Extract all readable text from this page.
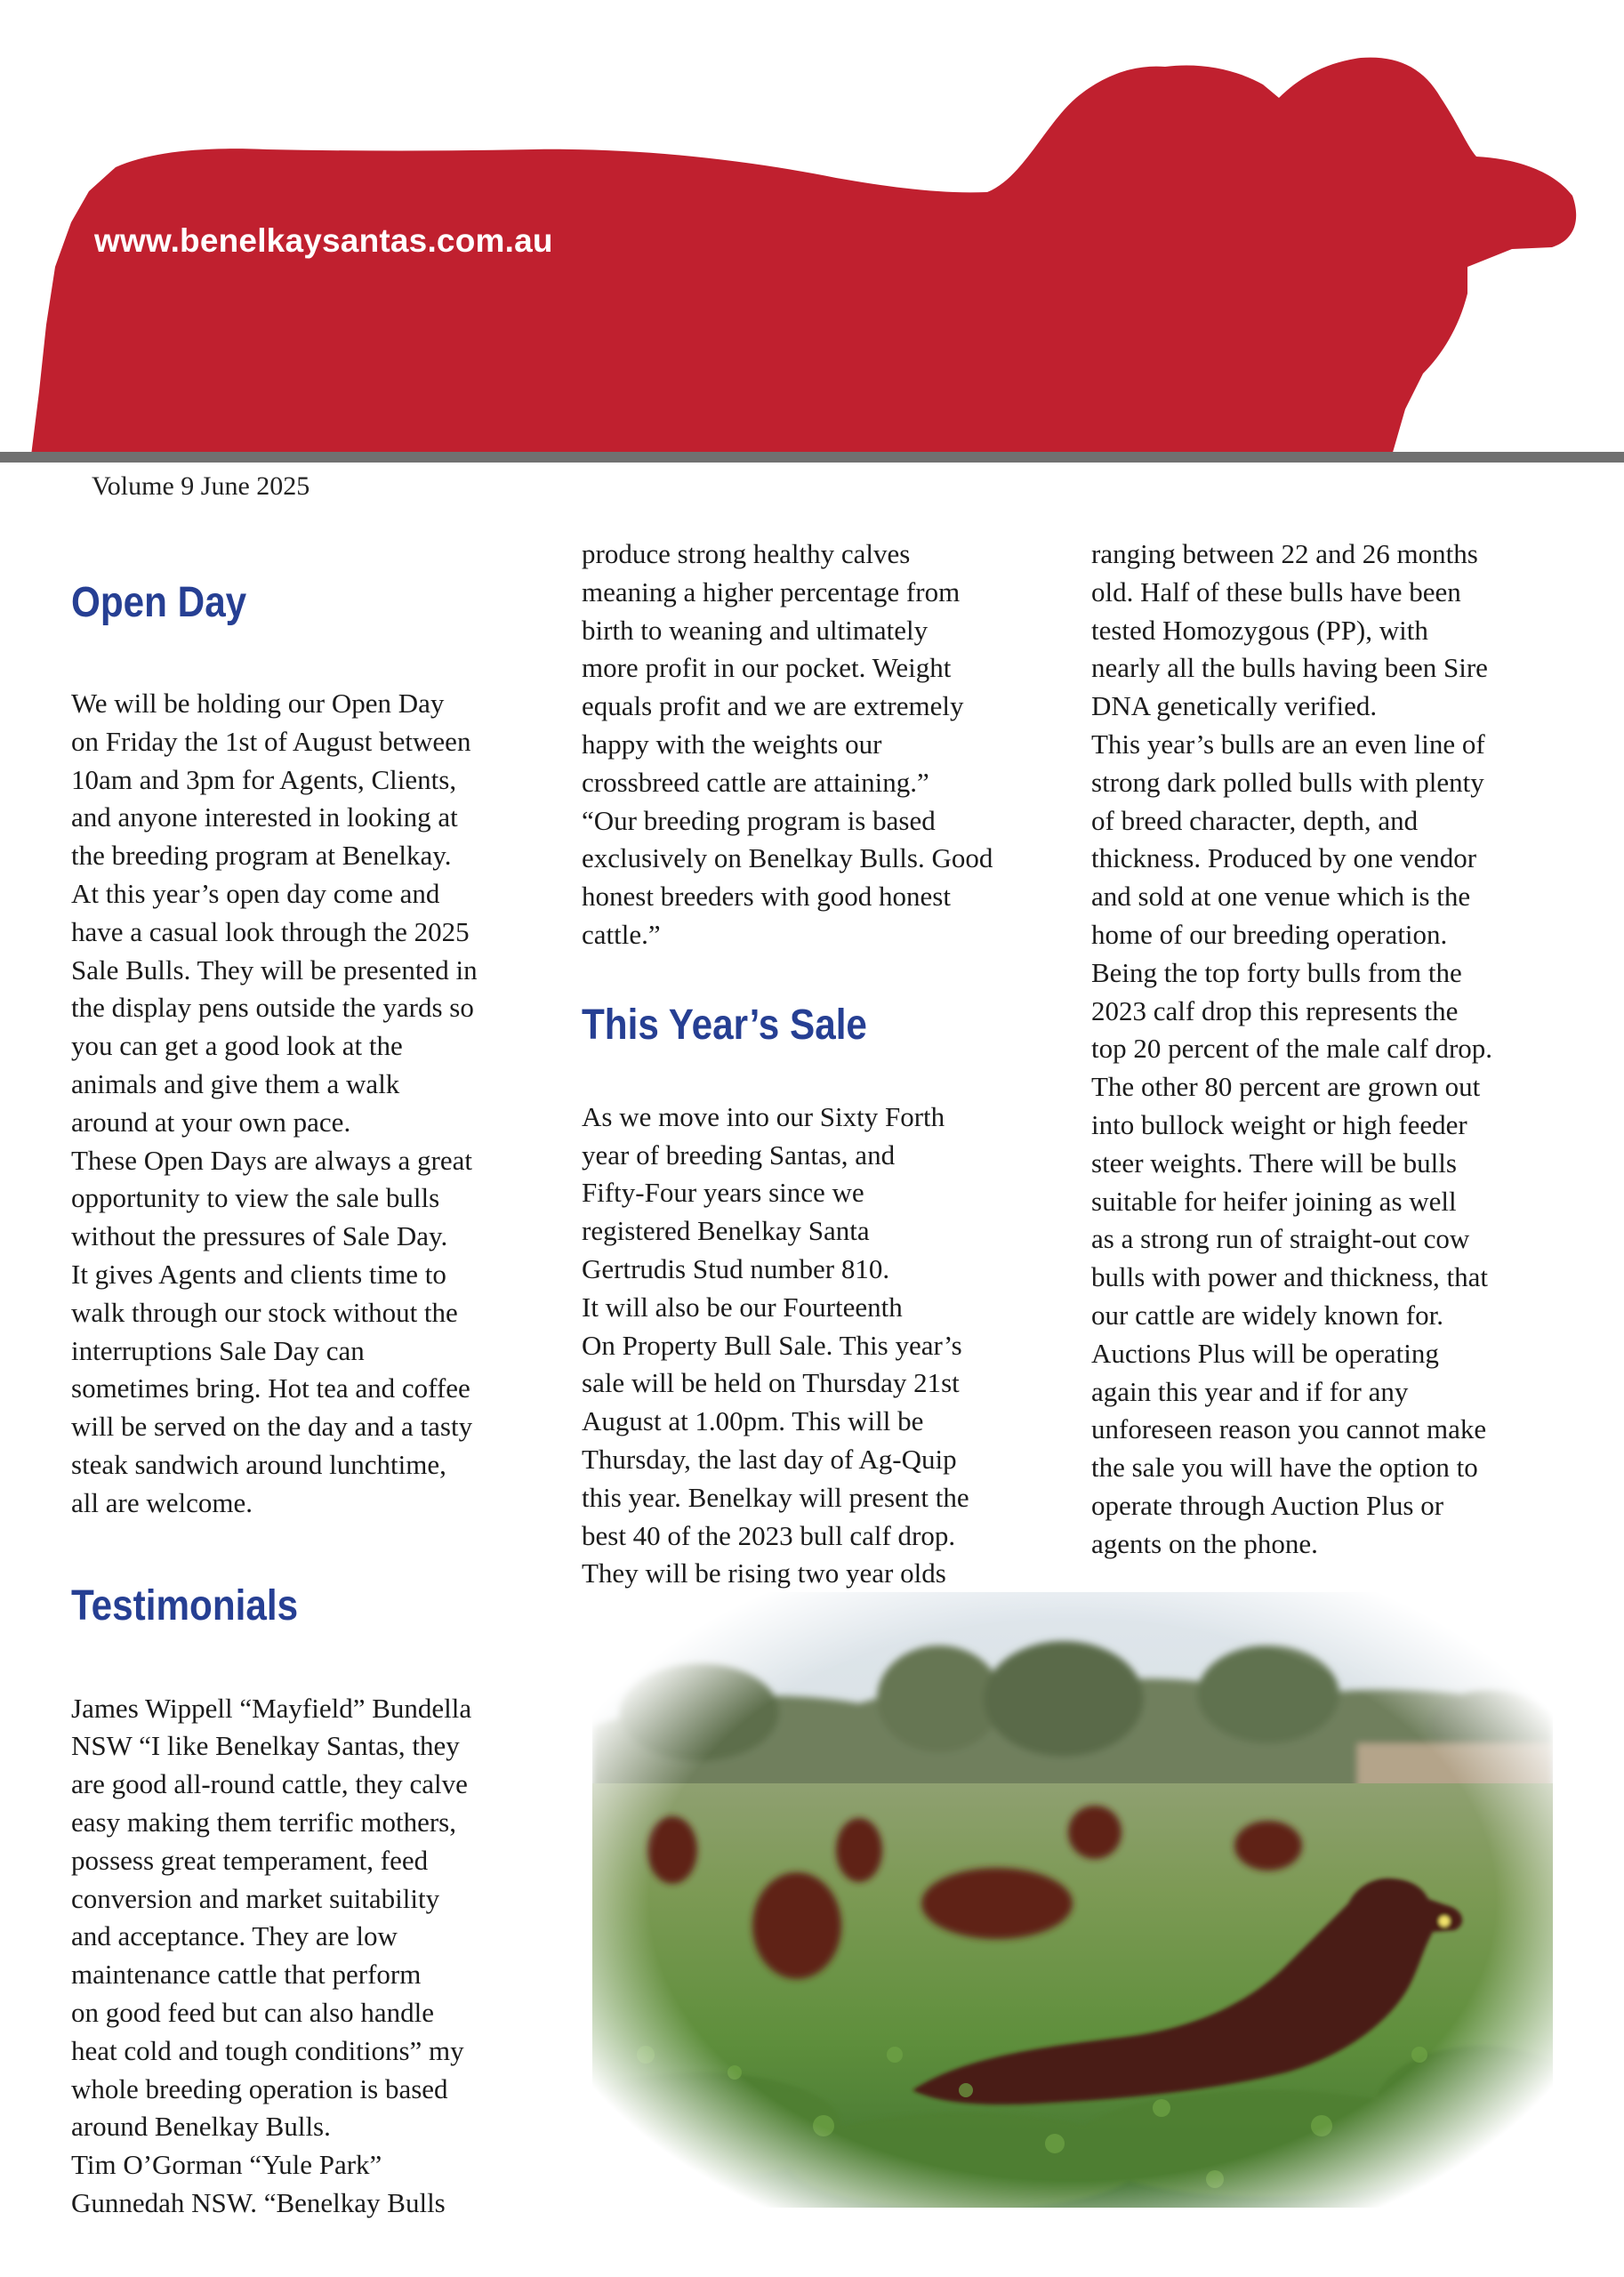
www.benelkaysantas.com.au
Volume 9 June 2025
Open Day

We will be holding our Open Day
on Friday the 1st of August between
10am and 3pm for Agents, Clients,
and anyone interested in looking at
the breeding program at Benelkay.
At this year’s open day come and
have a casual look through the 2025
Sale Bulls. They will be presented in
the display pens outside the yards so
you can get a good look at the
animals and give them a walk
around at your own pace.
These Open Days are always a great
opportunity to view the sale bulls
without the pressures of Sale Day.
It gives Agents and clients time to
walk through our stock without the
interruptions Sale Day can
sometimes bring. Hot tea and coffee
will be served on the day and a tasty
steak sandwich around lunchtime,
all are welcome.

Testimonials

James Wippell “Mayfield” Bundella
NSW “I like Benelkay Santas, they
are good all-round cattle, they calve
easy making them terrific mothers,
possess great temperament, feed
conversion and market suitability
and acceptance. They are low
maintenance cattle that perform
on good feed but can also handle
heat cold and tough conditions” my
whole breeding operation is based
around Benelkay Bulls.
Tim O’Gorman “Yule Park”
Gunnedah NSW. “Benelkay Bulls

produce strong healthy calves
meaning a higher percentage from
birth to weaning and ultimately
more profit in our pocket. Weight
equals profit and we are extremely
happy with the weights our
crossbreed cattle are attaining.”
“Our breeding program is based
exclusively on Benelkay Bulls. Good
honest breeders with good honest
cattle.”

This Year’s Sale

As we move into our Sixty Forth
year of breeding Santas, and
Fifty-Four years since we
registered Benelkay Santa
Gertrudis Stud number 810.
It will also be our Fourteenth
On Property Bull Sale. This year’s
sale will be held on Thursday 21st
August at 1.00pm. This will be
Thursday, the last day of Ag-Quip
this year. Benelkay will present the
best 40 of the 2023 bull calf drop.
They will be rising two year olds

ranging between 22 and 26 months
old. Half of these bulls have been
tested Homozygous (PP), with
nearly all the bulls having been Sire
DNA genetically verified.
This year’s bulls are an even line of
strong dark polled bulls with plenty
of breed character, depth, and
thickness. Produced by one vendor
and sold at one venue which is the
home of our breeding operation.
Being the top forty bulls from the
2023 calf drop this represents the
top 20 percent of the male calf drop.
The other 80 percent are grown out
into bullock weight or high feeder
steer weights. There will be bulls
suitable for heifer joining as well
as a strong run of straight-out cow
bulls with power and thickness, that
our cattle are widely known for.
Auctions Plus will be operating
again this year and if for any
unforeseen reason you cannot make
the sale you will have the option to
operate through Auction Plus or
agents on the phone.
